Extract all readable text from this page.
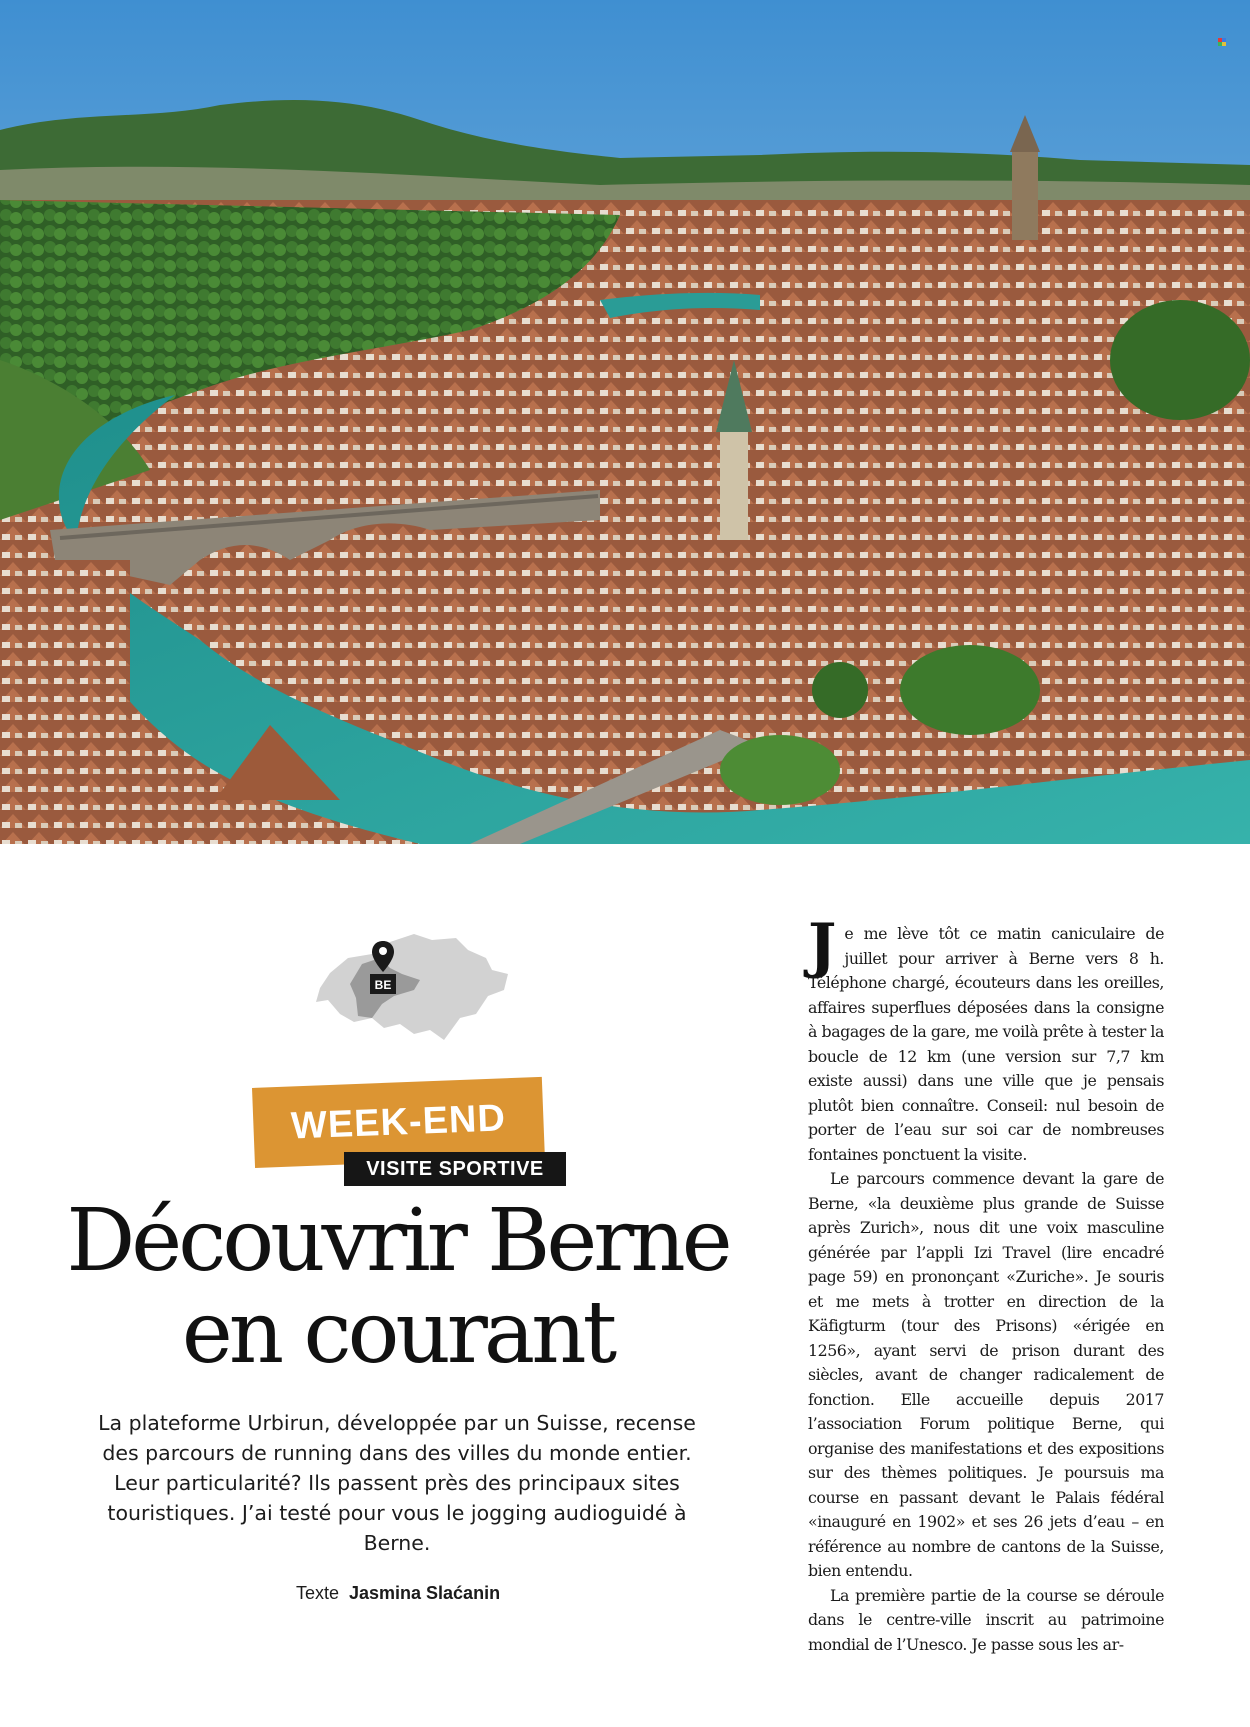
BE
WEEK-END
VISITE SPORTIVE
Découvrir Berne en courant

La plateforme Urbirun, développée par un Suisse, recense des parcours de running dans des villes du monde entier. Leur particularité? Ils passent près des principaux sites touristiques. J’ai testé pour vous le jogging audioguidé à Berne.

Texte Jasmina Slaćanin

Je me lève tôt ce matin caniculaire de juillet pour arriver à Berne vers 8 h. Téléphone chargé, écouteurs dans les oreilles, affaires superflues déposées dans la consigne à bagages de la gare, me voilà prête à tester la boucle de 12 km (une version sur 7,7 km existe aussi) dans une ville que je pensais plutôt bien connaître. Conseil: nul besoin de porter de l’eau sur soi car de nombreuses fontaines ponctuent la visite.

Le parcours commence devant la gare de Berne, «la deuxième plus grande de Suisse après Zurich», nous dit une voix masculine générée par l’appli Izi Travel (lire encadré page 59) en prononçant «Zuriche». Je souris et me mets à trotter en direction de la Käfigturm (tour des Prisons) «érigée en 1256», ayant servi de prison durant des siècles, avant de changer radicalement de fonction. Elle accueille depuis 2017 l’association Forum politique Berne, qui organise des manifestations et des expositions sur des thèmes politiques. Je poursuis ma course en passant devant le Palais fédéral «inauguré en 1902» et ses 26 jets d’eau – en référence au nombre de cantons de la Suisse, bien entendu.

La première partie de la course se déroule dans le centre-ville inscrit au patrimoine mondial de l’Unesco. Je passe sous les ar-
